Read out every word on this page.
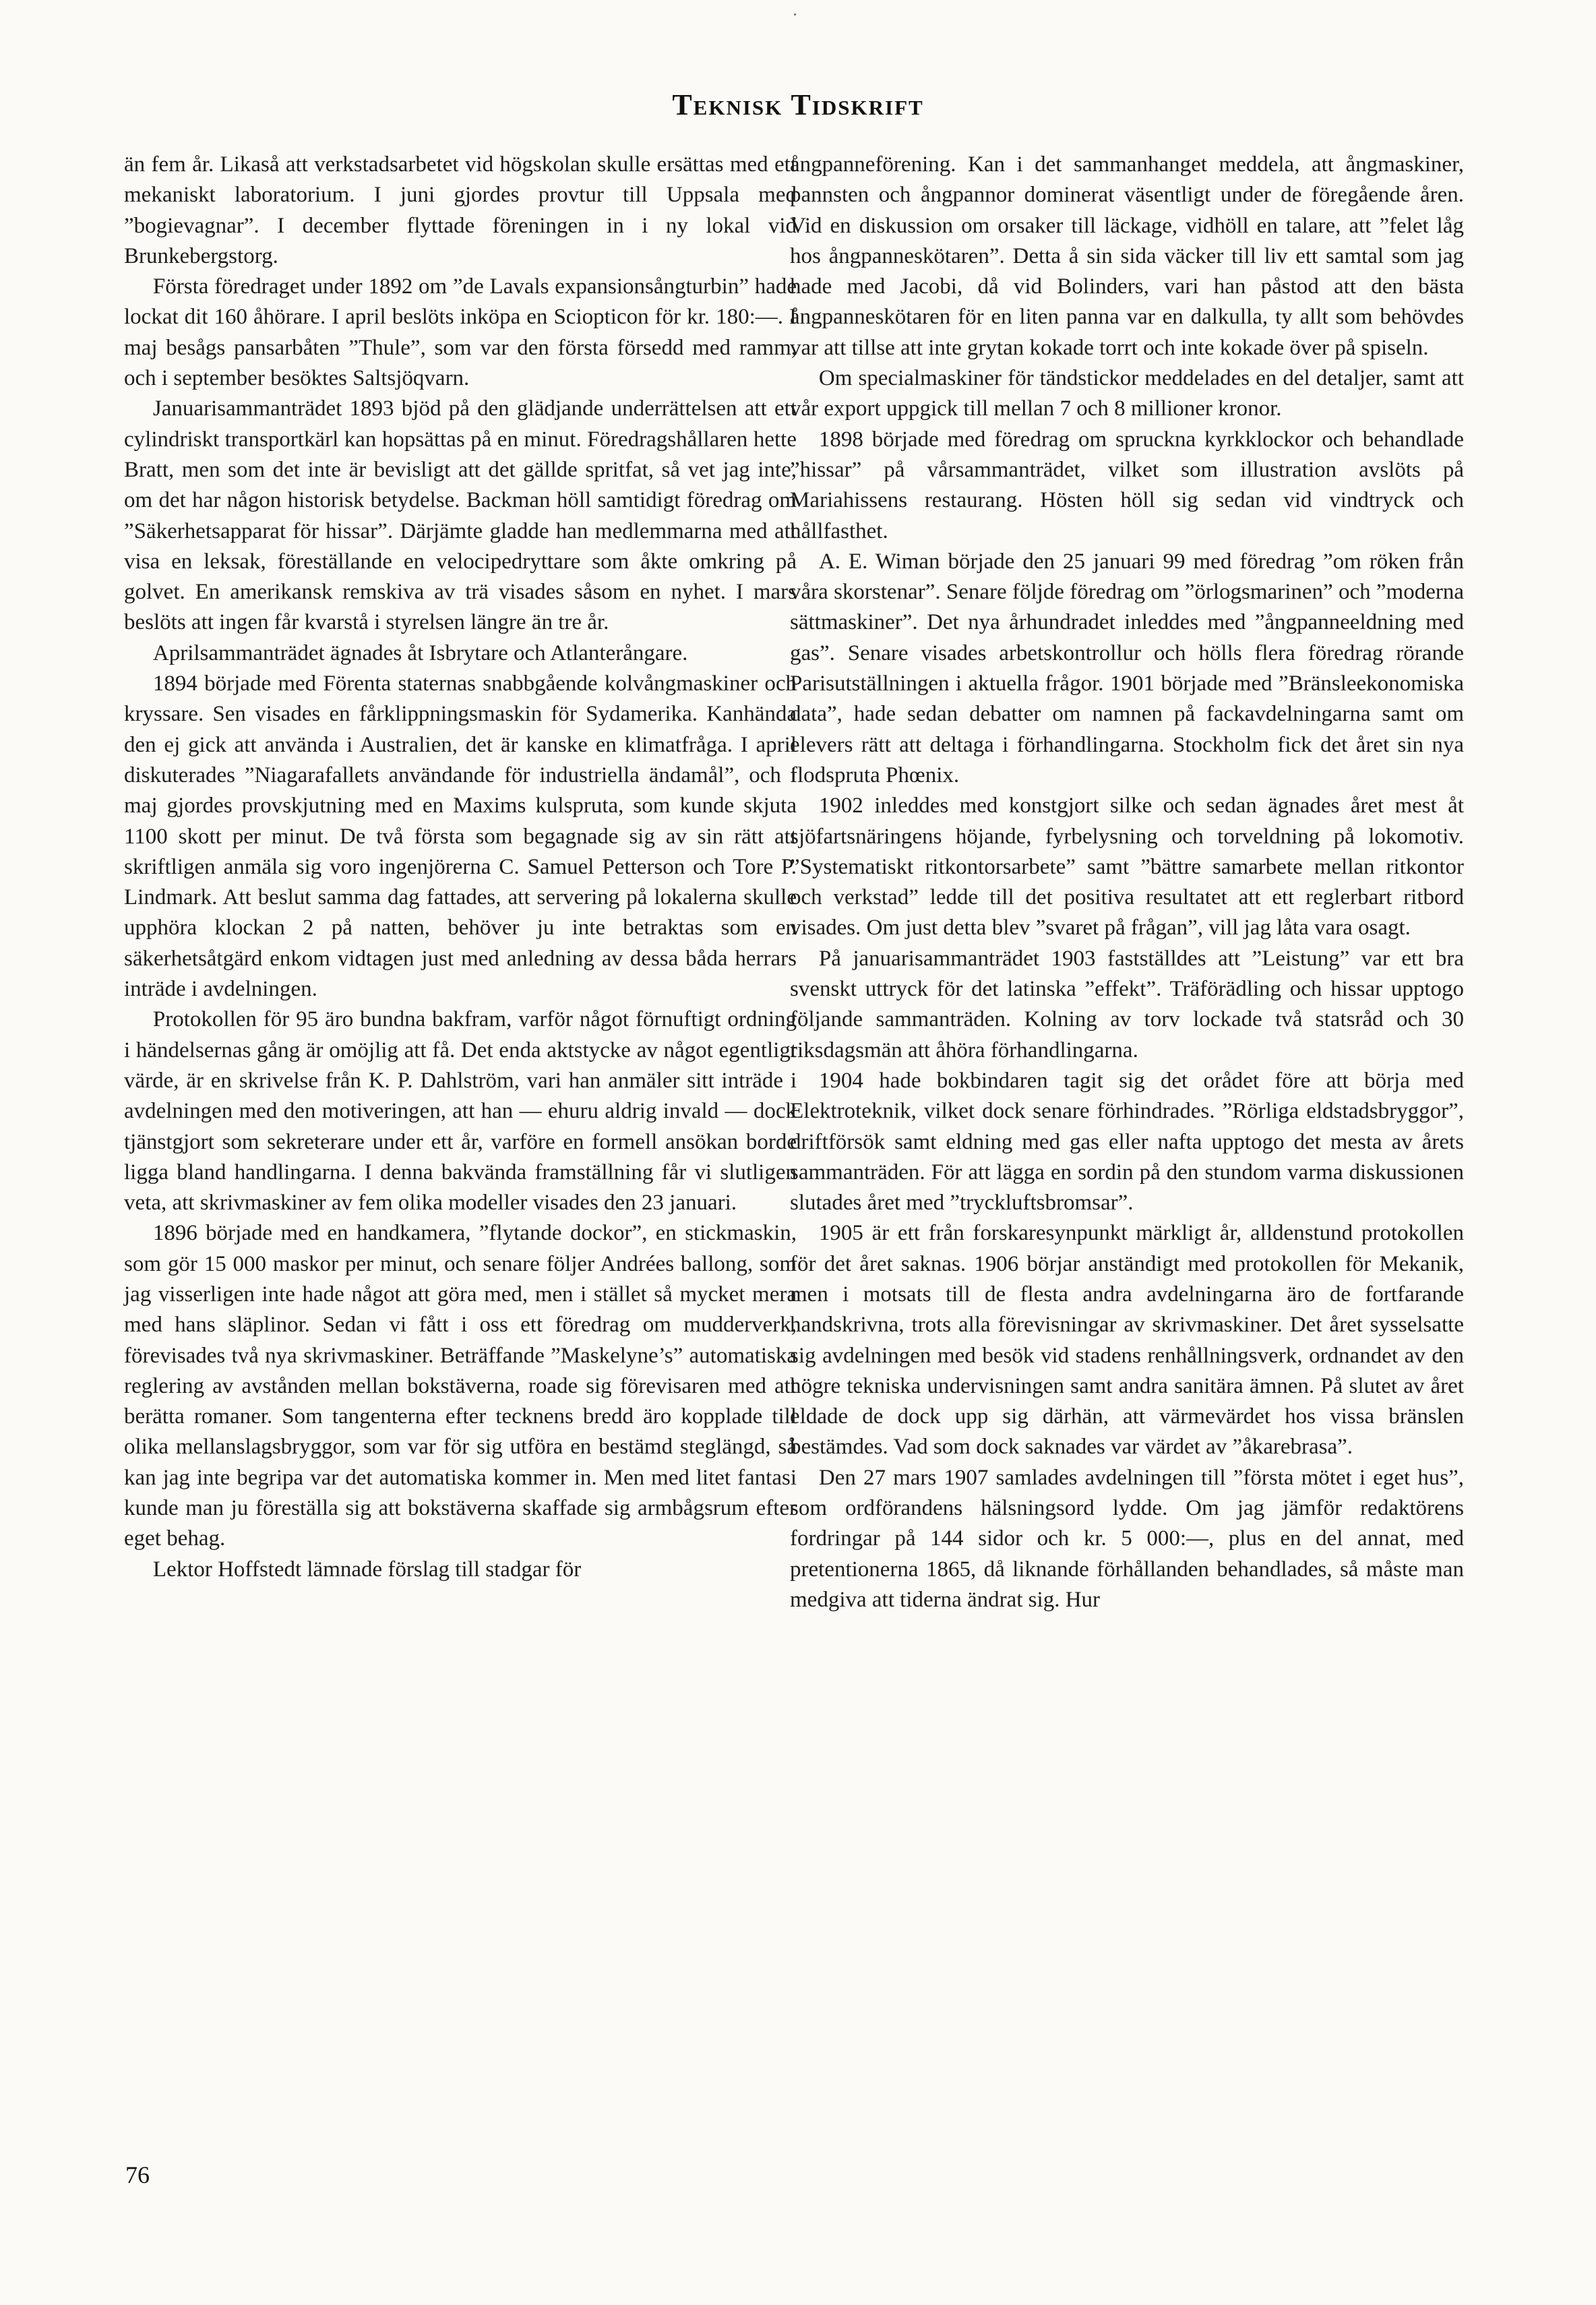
Teknisk Tidskrift

än fem år. Likaså att verkstadsarbetet vid högskolan skulle ersättas med ett mekaniskt laboratorium. I juni gjordes provtur till Uppsala med ”bogievagnar”. I december flyttade föreningen in i ny lokal vid Brunkebergstorg.

Första föredraget under 1892 om ”de Lavals expansionsångturbin” hade lockat dit 160 åhörare. I april beslöts inköpa en Sciopticon för kr. 180:—. I maj besågs pansarbåten ”Thule”, som var den första försedd med ramm, och i september besöktes Saltsjöqvarn.

Januarisammanträdet 1893 bjöd på den glädjande underrättelsen att ett cylindriskt transportkärl kan hopsättas på en minut. Föredragshållaren hette Bratt, men som det inte är bevisligt att det gällde spritfat, så vet jag inte, om det har någon historisk betydelse. Backman höll samtidigt föredrag om ”Säkerhetsapparat för hissar”. Därjämte gladde han medlemmarna med att visa en leksak, föreställande en velocipedryttare som åkte omkring på golvet. En amerikansk remskiva av trä visades såsom en nyhet. I mars beslöts att ingen får kvarstå i styrelsen längre än tre år.

Aprilsammanträdet ägnades åt Isbrytare och Atlanterångare.

1894 började med Förenta staternas snabbgående kolvångmaskiner och kryssare. Sen visades en fårklippningsmaskin för Sydamerika. Kanhända den ej gick att använda i Australien, det är kanske en klimatfråga. I april diskuterades ”Niagarafallets användande för industriella ändamål”, och i maj gjordes provskjutning med en Maxims kulspruta, som kunde skjuta 1100 skott per minut. De två första som begagnade sig av sin rätt att skriftligen anmäla sig voro ingenjörerna C. Samuel Petterson och Tore P. Lindmark. Att beslut samma dag fattades, att servering på lokalerna skulle upphöra klockan 2 på natten, behöver ju inte betraktas som en säkerhetsåtgärd enkom vidtagen just med anledning av dessa båda herrars inträde i avdelningen.

Protokollen för 95 äro bundna bakfram, varför något förnuftigt ordning i händelsernas gång är omöjlig att få. Det enda aktstycke av något egentligt värde, är en skrivelse från K. P. Dahlström, vari han anmäler sitt inträde i avdelningen med den motiveringen, att han — ehuru aldrig invald — dock tjänstgjort som sekreterare under ett år, varföre en formell ansökan borde ligga bland handlingarna. I denna bakvända framställning får vi slutligen veta, att skrivmaskiner av fem olika modeller visades den 23 januari.

1896 började med en handkamera, ”flytande dockor”, en stickmaskin, som gör 15 000 maskor per minut, och senare följer Andrées ballong, som jag visserligen inte hade något att göra med, men i stället så mycket mera med hans släplinor. Sedan vi fått i oss ett föredrag om mudderverk, förevisades två nya skrivmaskiner. Beträffande ”Maskelyne’s” automatiska reglering av avstånden mellan bokstäverna, roade sig förevisaren med att berätta romaner. Som tangenterna efter tecknens bredd äro kopplade till olika mellanslagsbryggor, som var för sig utföra en bestämd steglängd, så kan jag inte begripa var det automatiska kommer in. Men med litet fantasi kunde man ju föreställa sig att bokstäverna skaffade sig armbågsrum efter eget behag.

Lektor Hoffstedt lämnade förslag till stadgar för

ångpanneförening. Kan i det sammanhanget meddela, att ångmaskiner, pannsten och ångpannor dominerat väsentligt under de föregående åren. Vid en diskussion om orsaker till läckage, vidhöll en talare, att ”felet låg hos ångpanneskötaren”. Detta å sin sida väcker till liv ett samtal som jag hade med Jacobi, då vid Bolinders, vari han påstod att den bästa ångpanneskötaren för en liten panna var en dalkulla, ty allt som behövdes var att tillse att inte grytan kokade torrt och inte kokade över på spiseln.

Om specialmaskiner för tändstickor meddelades en del detaljer, samt att vår export uppgick till mellan 7 och 8 millioner kronor.

1898 började med föredrag om spruckna kyrkklockor och behandlade ”hissar” på vårsammanträdet, vilket som illustration avslöts på Mariahissens restaurang. Hösten höll sig sedan vid vindtryck och hållfasthet.

A. E. Wiman började den 25 januari 99 med föredrag ”om röken från våra skorstenar”. Senare följde föredrag om ”örlogsmarinen” och ”moderna sättmaskiner”. Det nya århundradet inleddes med ”ångpanneeldning med gas”. Senare visades arbetskontrollur och hölls flera föredrag rörande Parisutställningen i aktuella frågor. 1901 började med ”Bränsleekonomiska data”, hade sedan debatter om namnen på fackavdelningarna samt om elevers rätt att deltaga i förhandlingarna. Stockholm fick det året sin nya flodspruta Phœnix.

1902 inleddes med konstgjort silke och sedan ägnades året mest åt sjöfartsnäringens höjande, fyrbelysning och torveldning på lokomotiv. ”Systematiskt ritkontorsarbete” samt ”bättre samarbete mellan ritkontor och verkstad” ledde till det positiva resultatet att ett reglerbart ritbord visades. Om just detta blev ”svaret på frågan”, vill jag låta vara osagt.

På januarisammanträdet 1903 fastställdes att ”Leistung” var ett bra svenskt uttryck för det latinska ”effekt”. Träförädling och hissar upptogo följande sammanträden. Kolning av torv lockade två statsråd och 30 riksdagsmän att åhöra förhandlingarna.

1904 hade bokbindaren tagit sig det orådet före att börja med Elektroteknik, vilket dock senare förhindrades. ”Rörliga eldstadsbryggor”, driftförsök samt eldning med gas eller nafta upptogo det mesta av årets sammanträden. För att lägga en sordin på den stundom varma diskussionen slutades året med ”tryckluftsbromsar”.

1905 är ett från forskaresynpunkt märkligt år, alldenstund protokollen för det året saknas. 1906 börjar anständigt med protokollen för Mekanik, men i motsats till de flesta andra avdelningarna äro de fortfarande handskrivna, trots alla förevisningar av skrivmaskiner. Det året sysselsatte sig avdelningen med besök vid stadens renhållningsverk, ordnandet av den högre tekniska undervisningen samt andra sanitära ämnen. På slutet av året eldade de dock upp sig därhän, att värmevärdet hos vissa bränslen bestämdes. Vad som dock saknades var värdet av ”åkarebrasa”.

Den 27 mars 1907 samlades avdelningen till ”första mötet i eget hus”, som ordförandens hälsningsord lydde. Om jag jämför redaktörens fordringar på 144 sidor och kr. 5 000:—, plus en del annat, med pretentionerna 1865, då liknande förhållanden behandlades, så måste man medgiva att tiderna ändrat sig. Hur

76
